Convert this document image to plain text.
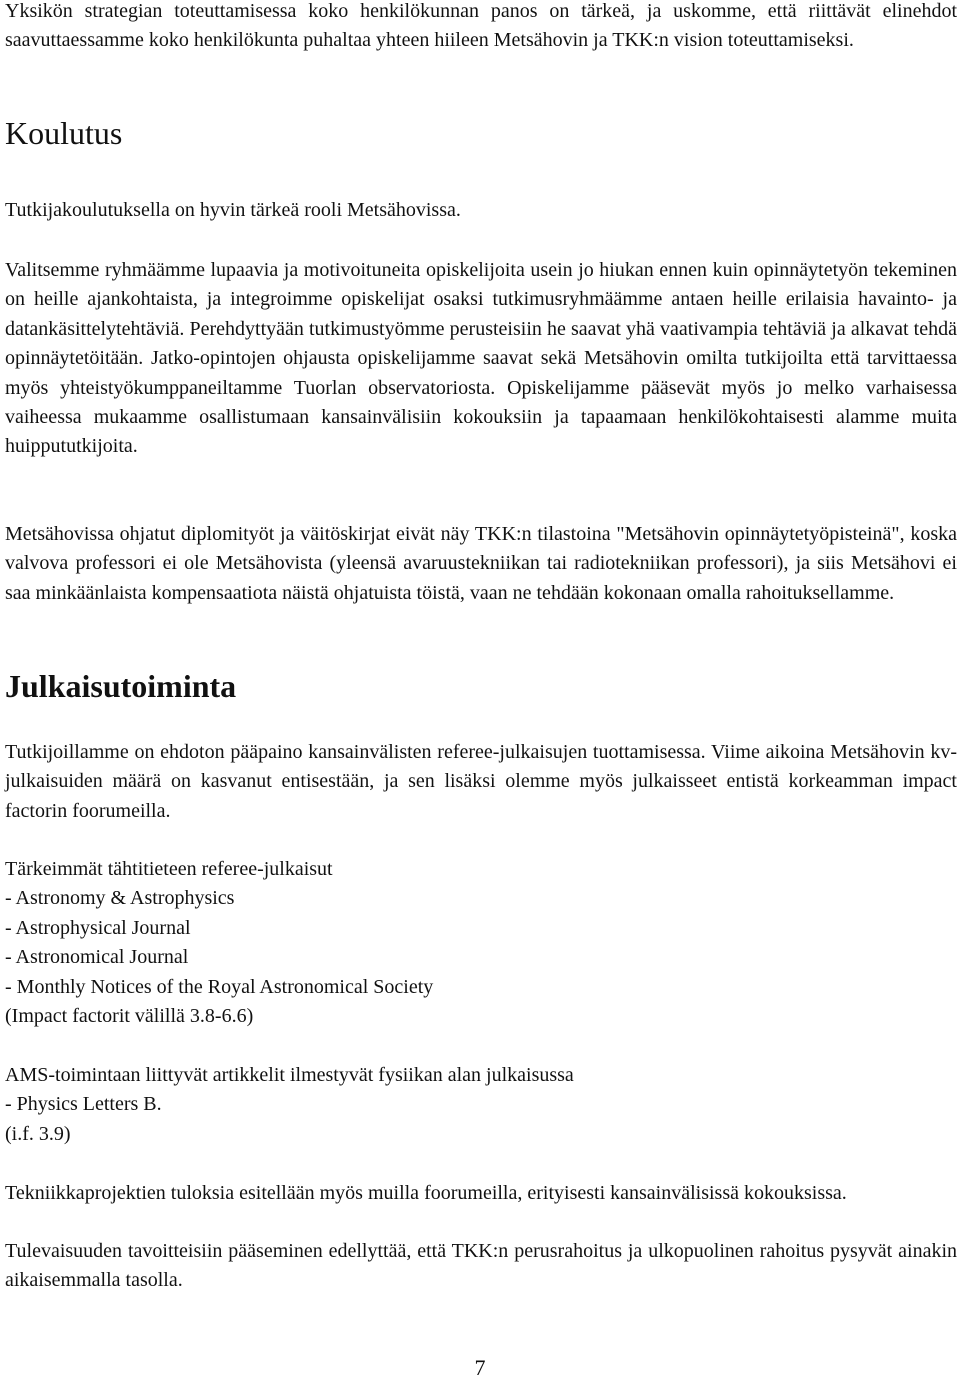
Yksikön strategian toteuttamisessa koko henkilökunnan panos on tärkeä, ja uskomme, että riittävät elinehdot saavuttaessamme koko henkilökunta puhaltaa yhteen hiileen Metsähovin ja TKK:n vision toteuttamiseksi.

Koulutus

Tutkijakoulutuksella on hyvin tärkeä rooli Metsähovissa.

Valitsemme ryhmäämme lupaavia ja motivoituneita opiskelijoita usein jo hiukan ennen kuin opinnäytetyön tekeminen on heille ajankohtaista, ja integroimme opiskelijat osaksi tutkimusryhmäämme antaen heille erilaisia havainto- ja datankäsittelytehtäviä. Perehdyttyään tutkimustyömme perusteisiin he saavat yhä vaativampia tehtäviä ja alkavat tehdä opinnäytetöitään. Jatko-opintojen ohjausta opiskelijamme saavat sekä Metsähovin omilta tutkijoilta että tarvittaessa myös yhteistyökumppaneiltamme Tuorlan observatoriosta. Opiskelijamme pääsevät myös jo melko varhaisessa vaiheessa mukaamme osallistumaan kansainvälisiin kokouksiin ja tapaamaan henkilökohtaisesti alamme muita huippututkijoita.

Metsähovissa ohjatut diplomityöt ja väitöskirjat eivät näy TKK:n tilastoina "Metsähovin opinnäytetyöpisteinä", koska valvova professori ei ole Metsähovista (yleensä avaruustekniikan tai radiotekniikan professori), ja siis Metsähovi ei saa minkäänlaista kompensaatiota näistä ohjatuista töistä, vaan ne tehdään kokonaan omalla rahoituksellamme.

Julkaisutoiminta

Tutkijoillamme on ehdoton pääpaino kansainvälisten referee-julkaisujen tuottamisessa. Viime aikoina Metsähovin kv-julkaisuiden määrä on kasvanut entisestään, ja sen lisäksi olemme myös julkaisseet entistä korkeamman impact factorin foorumeilla.

Tärkeimmät tähtitieteen referee-julkaisut
- Astronomy & Astrophysics
- Astrophysical Journal
- Astronomical Journal
- Monthly Notices of the Royal Astronomical Society
(Impact factorit välillä 3.8-6.6)
AMS-toimintaan liittyvät artikkelit ilmestyvät fysiikan alan julkaisussa
- Physics Letters B.
(i.f. 3.9)

Tekniikkaprojektien tuloksia esitellään myös muilla foorumeilla, erityisesti kansainvälisissä kokouksissa.

Tulevaisuuden tavoitteisiin pääseminen edellyttää, että TKK:n perusrahoitus ja ulkopuolinen rahoitus pysyvät ainakin aikaisemmalla tasolla.

7
